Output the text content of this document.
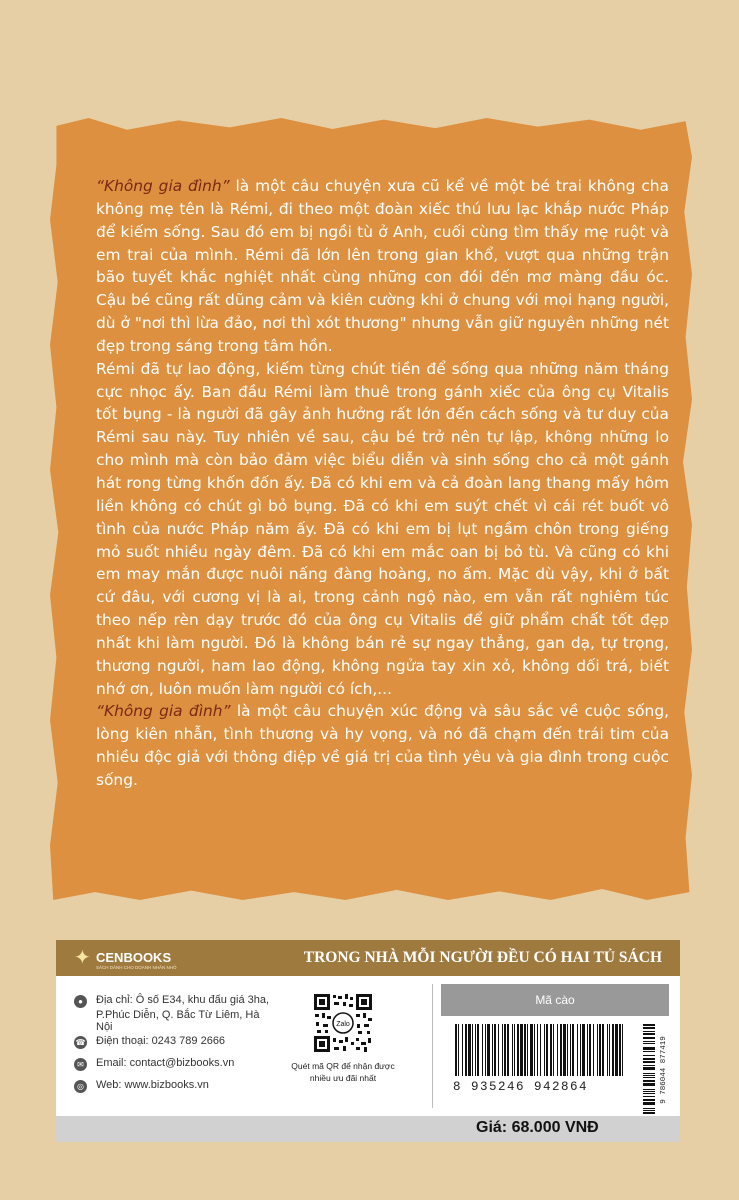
“Không gia đình” là một câu chuyện xưa cũ kể về một bé trai không cha không mẹ tên là Rémi, đi theo một đoàn xiếc thú lưu lạc khắp nước Pháp để kiếm sống. Sau đó em bị ngồi tù ở Anh, cuối cùng tìm thấy mẹ ruột và em trai của mình. Rémi đã lớn lên trong gian khổ, vượt qua những trận bão tuyết khắc nghiệt nhất cùng những con đói đến mơ màng đầu óc. Cậu bé cũng rất dũng cảm và kiên cường khi ở chung với mọi hạng người, dù ở "nơi thì lừa đảo, nơi thì xót thương" nhưng vẫn giữ nguyên những nét đẹp trong sáng trong tâm hồn.

Rémi đã tự lao động, kiếm từng chút tiền để sống qua những năm tháng cực nhọc ấy. Ban đầu Rémi làm thuê trong gánh xiếc của ông cụ Vitalis tốt bụng - là người đã gây ảnh hưởng rất lớn đến cách sống và tư duy của Rémi sau này. Tuy nhiên về sau, cậu bé trở nên tự lập, không những lo cho mình mà còn bảo đảm việc biểu diễn và sinh sống cho cả một gánh hát rong từng khốn đốn ấy. Đã có khi em và cả đoàn lang thang mấy hôm liền không có chút gì bỏ bụng. Đã có khi em suýt chết vì cái rét buốt vô tình của nước Pháp năm ấy. Đã có khi em bị lụt ngầm chôn trong giếng mỏ suốt nhiều ngày đêm. Đã có khi em mắc oan bị bỏ tù. Và cũng có khi em may mắn được nuôi nấng đàng hoàng, no ấm. Mặc dù vậy, khi ở bất cứ đâu, với cương vị là ai, trong cảnh ngộ nào, em vẫn rất nghiêm túc theo nếp rèn dạy trước đó của ông cụ Vitalis để giữ phẩm chất tốt đẹp nhất khi làm người. Đó là không bán rẻ sự ngay thẳng, gan dạ, tự trọng, thương người, ham lao động, không ngửa tay xin xỏ, không dối trá, biết nhớ ơn, luôn muốn làm người có ích,...

“Không gia đình” là một câu chuyện xúc động và sâu sắc về cuộc sống, lòng kiên nhẫn, tình thương và hy vọng, và nó đã chạm đến trái tim của nhiều độc giả với thông điệp về giá trị của tình yêu và gia đình trong cuộc sống.

✦ CENBOOKS
SÁCH DÀNH CHO DOANH NHÂN NHỎ
TRONG NHÀ MỖI NGƯỜI ĐỀU CÓ HAI TỦ SÁCH
●	Địa chỉ: Ô số E34, khu đấu giá 3ha,
P.Phúc Diễn, Q. Bắc Từ Liêm, Hà Nội
☎ Điện thoại: 0243 789 2666
✉ Email: contact@bizbooks.vn
◎ Web: www.bizbooks.vn
Zalo
Quét mã QR để nhận được
nhiều ưu đãi nhất
Mã cào
8 935246 942864	9 786044 877419
Giá: 68.000 VNĐ
